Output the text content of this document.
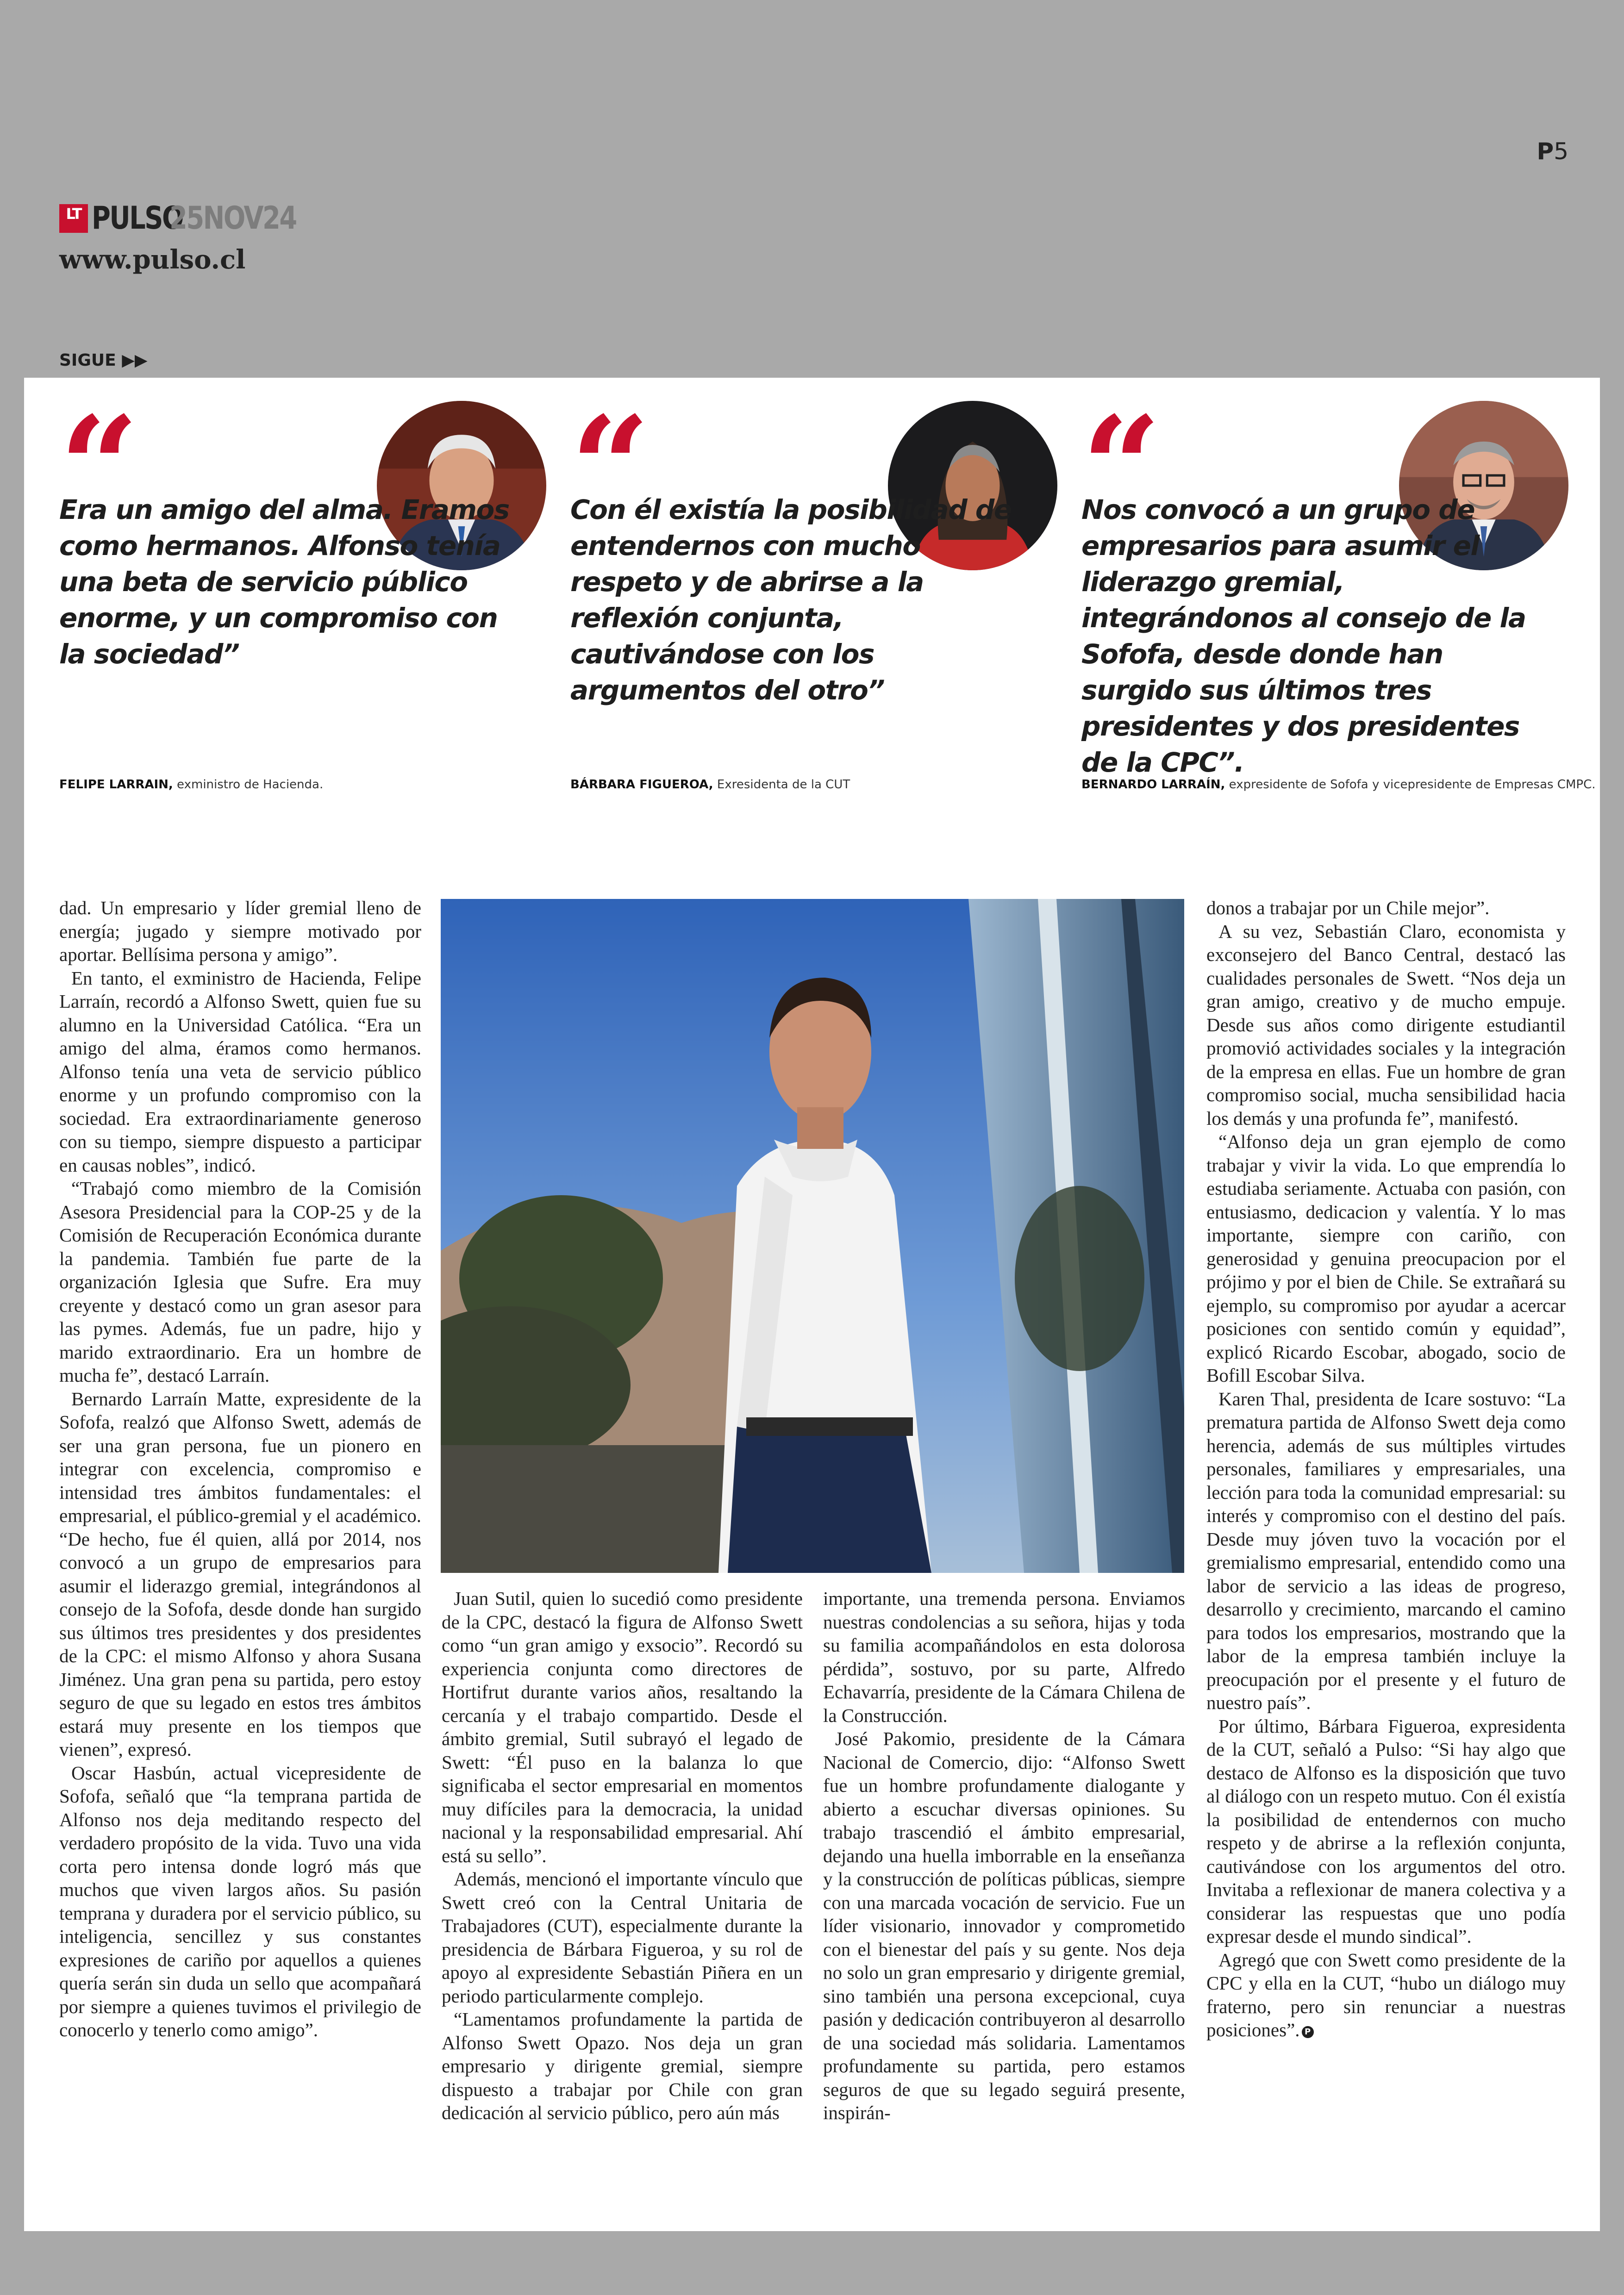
P5
LT PULSO
25NOV24
www.pulso.cl
SIGUE ▶▶
“

Era un amigo del alma. Eramos como hermanos. Alfonso tenía una beta de servicio público enorme, y un compromiso con la sociedad”

FELIPE LARRAIN, exministro de Hacienda.
“

Con él existía la posibilidad de entendernos con mucho respeto y de abrirse a la reflexión conjunta, cautivándose con los argumentos del otro”

BÁRBARA FIGUEROA, Exresidenta de la CUT
“

Nos convocó a un grupo de empresarios para asumir el liderazgo gremial, integrándonos al consejo de la Sofofa, desde donde han surgido sus últimos tres presidentes y dos presidentes de la CPC”.

BERNARDO LARRAÍN, expresidente de Sofofa y vicepresidente de Empresas CMPC.

dad. Un empresario y líder gremial lleno de energía; jugado y siempre motivado por aportar. Bellísima persona y amigo”.

En tanto, el exministro de Hacienda, Felipe Larraín, recordó a Alfonso Swett, quien fue su alumno en la Universidad Católica. “Era un amigo del alma, éramos como hermanos. Alfonso tenía una veta de servicio público enorme y un profundo compromiso con la sociedad. Era extraordinariamente generoso con su tiempo, siempre dispuesto a participar en causas nobles”, indicó.

“Trabajó como miembro de la Comisión Asesora Presidencial para la COP-25 y de la Comisión de Recuperación Económica durante la pandemia. También fue parte de la organización Iglesia que Sufre. Era muy creyente y destacó como un gran asesor para las pymes. Además, fue un padre, hijo y marido extraordinario. Era un hombre de mucha fe”, destacó Larraín.

Bernardo Larraín Matte, expresidente de la Sofofa, realzó que Alfonso Swett, además de ser una gran persona, fue un pionero en integrar con excelencia, compromiso e intensidad tres ámbitos fundamentales: el empresarial, el público-gremial y el académico. “De hecho, fue él quien, allá por 2014, nos convocó a un grupo de empresarios para asumir el liderazgo gremial, integrándonos al consejo de la Sofofa, desde donde han surgido sus últimos tres presidentes y dos presidentes de la CPC: el mismo Alfonso y ahora Susana Jiménez. Una gran pena su partida, pero estoy seguro de que su legado en estos tres ámbitos estará muy presente en los tiempos que vienen”, expresó.

Oscar Hasbún, actual vicepresidente de Sofofa, señaló que “la temprana partida de Alfonso nos deja meditando respecto del verdadero propósito de la vida. Tuvo una vida corta pero intensa donde logró más que muchos que viven largos años. Su pasión temprana y duradera por el servicio público, su inteligencia, sencillez y sus constantes expresiones de cariño por aquellos a quienes quería serán sin duda un sello que acompañará por siempre a quienes tuvimos el privilegio de conocerlo y tenerlo como amigo”.

Juan Sutil, quien lo sucedió como presidente de la CPC, destacó la figura de Alfonso Swett como “un gran amigo y exsocio”. Recordó su experiencia conjunta como directores de Hortifrut durante varios años, resaltando la cercanía y el trabajo compartido. Desde el ámbito gremial, Sutil subrayó el legado de Swett: “Él puso en la balanza lo que significaba el sector empresarial en momentos muy difíciles para la democracia, la unidad nacional y la responsabilidad empresarial. Ahí está su sello”.

Además, mencionó el importante vínculo que Swett creó con la Central Unitaria de Trabajadores (CUT), especialmente durante la presidencia de Bárbara Figueroa, y su rol de apoyo al expresidente Sebastián Piñera en un periodo particularmente complejo.

“Lamentamos profundamente la partida de Alfonso Swett Opazo. Nos deja un gran empresario y dirigente gremial, siempre dispuesto a trabajar por Chile con gran dedicación al servicio público, pero aún más

importante, una tremenda persona. Enviamos nuestras condolencias a su señora, hijas y toda su familia acompañándolos en esta dolorosa pérdida”, sostuvo, por su parte, Alfredo Echavarría, presidente de la Cámara Chilena de la Construcción.

José Pakomio, presidente de la Cámara Nacional de Comercio, dijo: “Alfonso Swett fue un hombre profundamente dialogante y abierto a escuchar diversas opiniones. Su trabajo trascendió el ámbito empresarial, dejando una huella imborrable en la enseñanza y la construcción de políticas públicas, siempre con una marcada vocación de servicio. Fue un líder visionario, innovador y comprometido con el bienestar del país y su gente. Nos deja no solo un gran empresario y dirigente gremial, sino también una persona excepcional, cuya pasión y dedicación contribuyeron al desarrollo de una sociedad más solidaria. Lamentamos profundamente su partida, pero estamos seguros de que su legado seguirá presente, inspirán-

donos a trabajar por un Chile mejor”.

A su vez, Sebastián Claro, economista y exconsejero del Banco Central, destacó las cualidades personales de Swett. “Nos deja un gran amigo, creativo y de mucho empuje. Desde sus años como dirigente estudiantil promovió actividades sociales y la integración de la empresa en ellas. Fue un hombre de gran compromiso social, mucha sensibilidad hacia los demás y una profunda fe”, manifestó.

“Alfonso deja un gran ejemplo de como trabajar y vivir la vida. Lo que emprendía lo estudiaba seriamente. Actuaba con pasión, con entusiasmo, dedicacion y valentía. Y lo mas importante, siempre con cariño, con generosidad y genuina preocupacion por el prójimo y por el bien de Chile. Se extrañará su ejemplo, su compromiso por ayudar a acercar posiciones con sentido común y equidad”, explicó Ricardo Escobar, abogado, socio de Bofill Escobar Silva.

Karen Thal, presidenta de Icare sostuvo: “La prematura partida de Alfonso Swett deja como herencia, además de sus múltiples virtudes personales, familiares y empresariales, una lección para toda la comunidad empresarial: su interés y compromiso con el destino del país. Desde muy jóven tuvo la vocación por el gremialismo empresarial, entendido como una labor de servicio a las ideas de progreso, desarrollo y crecimiento, marcando el camino para todos los empresarios, mostrando que la labor de la empresa también incluye la preocupación por el presente y el futuro de nuestro país”.

Por último, Bárbara Figueroa, expresidenta de la CUT, señaló a Pulso: “Si hay algo que destaco de Alfonso es la disposición que tuvo al diálogo con un respeto mutuo. Con él existía la posibilidad de entendernos con mucho respeto y de abrirse a la reflexión conjunta, cautivándose con los argumentos del otro. Invitaba a reflexionar de manera colectiva y a considerar las respuestas que uno podía expresar desde el mundo sindical”.

Agregó que con Swett como presidente de la CPC y ella en la CUT, “hubo un diálogo muy fraterno, pero sin renunciar a nuestras posiciones”. P
